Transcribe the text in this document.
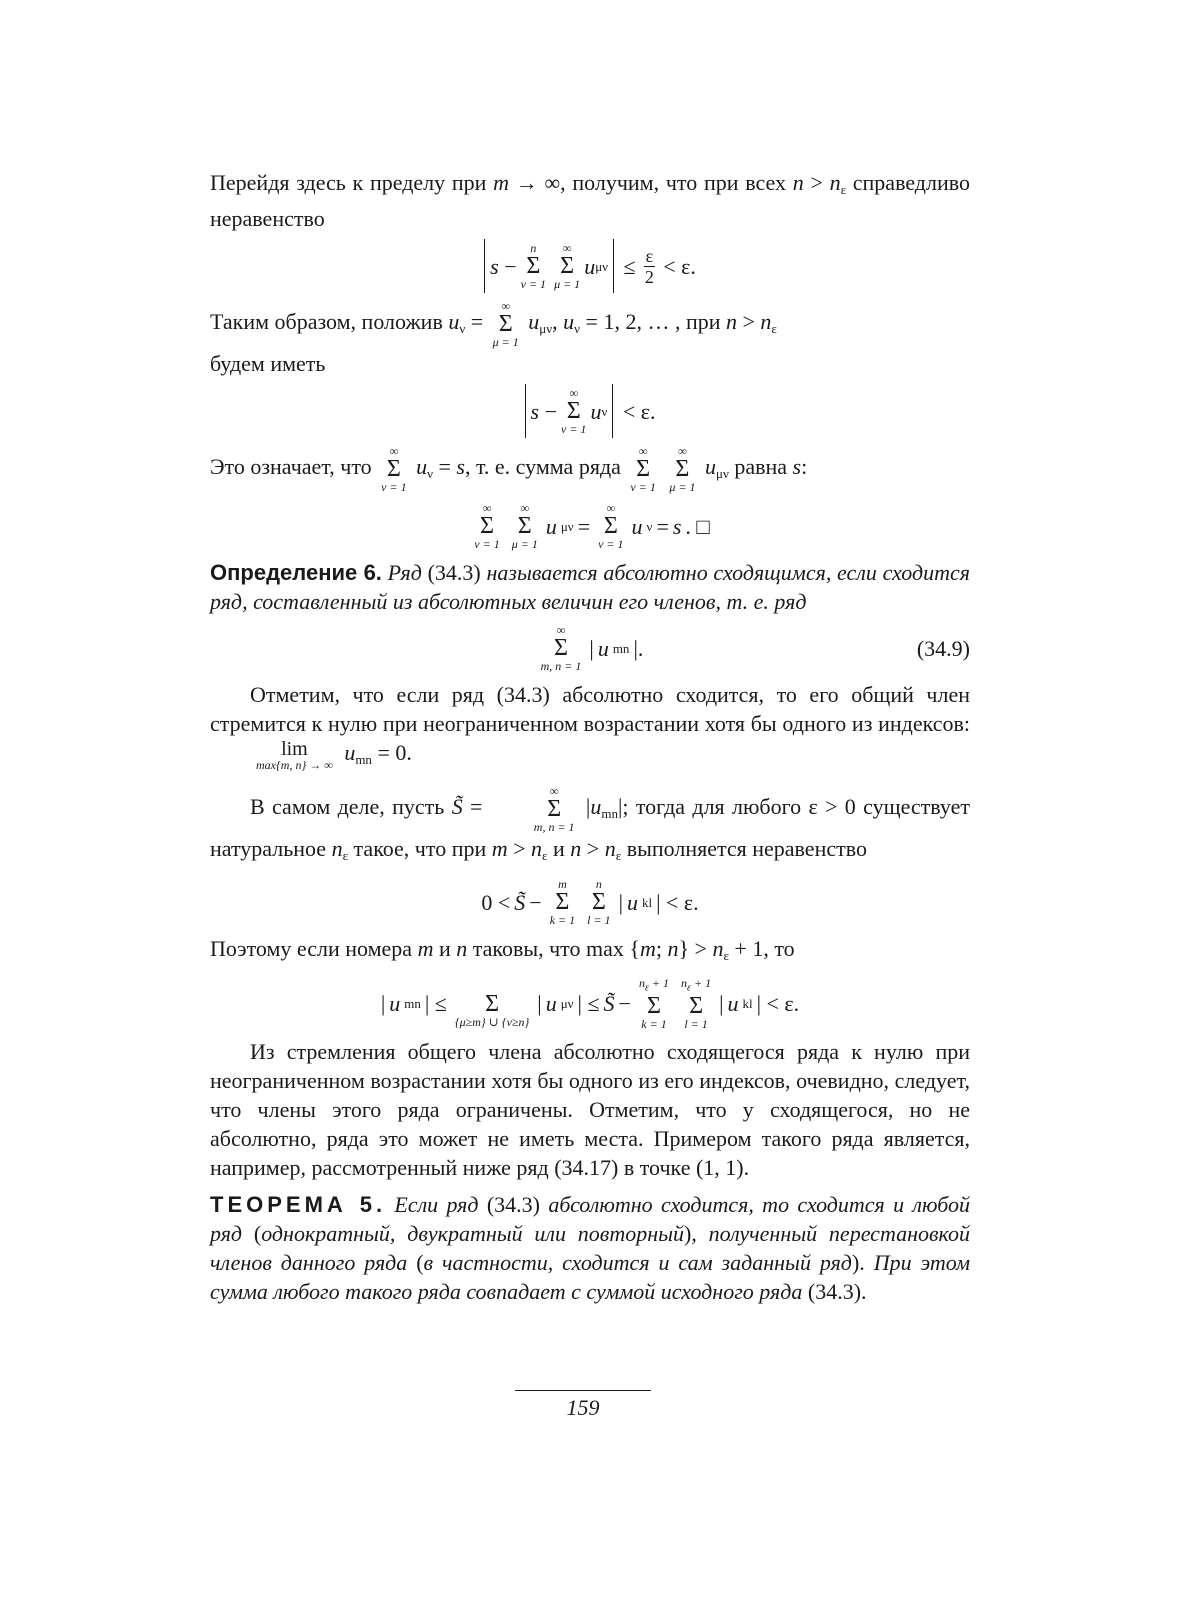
Перейдя здесь к пределу при m → ∞, получим, что при всех $n > n_\varepsilon$ справедливо неравенство

s −
n
Σ
ν = 1
∞
Σ
μ = 1
u $\mu\nu \le \frac{\varepsilon}{2} < \varepsilon$.

Таким образом, положив $u_\nu$ =
∞
Σ
μ = 1
$u_{\mu\nu}$, $u_\nu = 1$, 2, … , при $n > n_\varepsilon$

будем иметь

s −
∞
Σ
ν = 1
u ν < ε.

Это означает, что
∞
Σ
ν = 1
$u_\nu = s$, т. е. сумма ряда
∞
Σ
ν = 1

∞
Σ
μ = 1
$u_{\mu\nu}$ равна s:

∞
Σ
ν = 1
∞
Σ
μ = 1
u μν =
∞
Σ
ν = 1
u ν = s . □

Определение 6. Ряд (34.3) называется абсолютно сходящимся, если сходится ряд, составленный из абсолютных величин его членов, т. е. ряд

∞
Σ
m, n = 1
| u mn |.	(34.9)

Отметим, что если ряд (34.3) абсолютно сходится, то его общий член стремится к нулю при неограниченном возрастании хотя бы одного из индексов:
lim
max{m, n} → ∞ $u_{mn} = 0$.

В самом деле, пусть S̃ =
∞
Σ
m, n = 1
$|u_{mn}|$; тогда для любого ε > 0 существует натуральное $n_\varepsilon$ такое, что при $m > n_\varepsilon$ и $n > n_\varepsilon$ выполняется неравенство

0 < S̃ −
m
Σ
k = 1
n
Σ
l = 1
| u kl | < ε.

Поэтому если номера m и n таковы, что max {m; $n\} > n_\varepsilon + 1$, то

| u mn | ≤
Σ
{μ≥m} ∪ {ν≥n}
| u μν | ≤ S̃ −
$n_\varepsilon + 1$
Σ
k = 1
$n_\varepsilon + 1$
Σ
l = 1
| u kl | < ε.

Из стремления общего члена абсолютно сходящегося ряда к нулю при неограниченном возрастании хотя бы одного из его индексов, очевидно, следует, что члены этого ряда ограничены. Отметим, что у сходящегося, но не абсолютно, ряда это может не иметь места. Примером такого ряда является, например, рассмотренный ниже ряд (34.17) в точке (1, 1).

ТЕОРЕМА 5. Если ряд (34.3) абсолютно сходится, то сходится и любой ряд (однократный, двукратный или повторный), полученный перестановкой членов данного ряда (в частности, сходится и сам заданный ряд). При этом сумма любого такого ряда совпадает с суммой исходного ряда (34.3).

159
